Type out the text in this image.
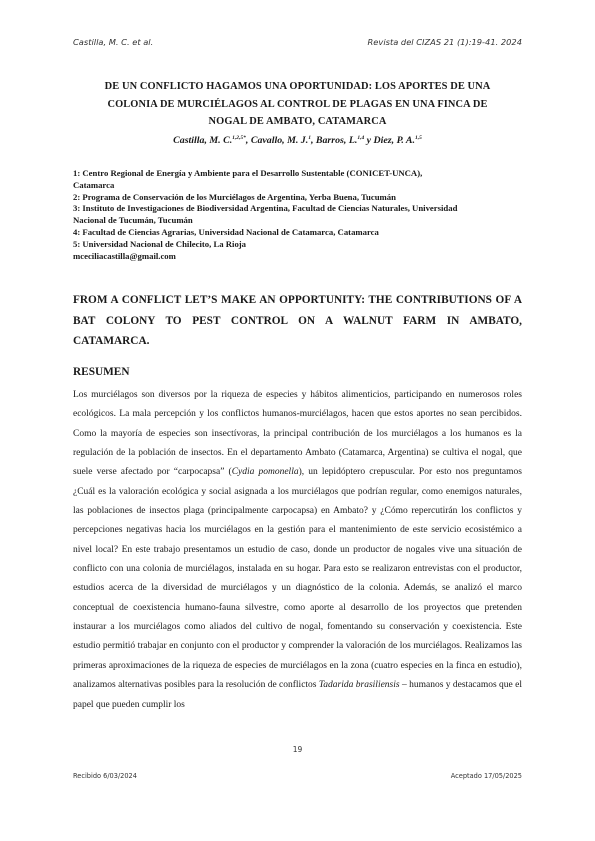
Castilla, M. C. et al.	Revista del CIZAS 21 (1):19-41. 2024
DE UN CONFLICTO HAGAMOS UNA OPORTUNIDAD: LOS APORTES DE UNA
COLONIA DE MURCIÉLAGOS AL CONTROL DE PLAGAS EN UNA FINCA DE
NOGAL DE AMBATO, CATAMARCA
Castilla, M. C.$^{1,2,5*}$, Cavallo, M. J.$^1$, Barros, L.$^{1,4}$ y Diez, P. A.$^{1,5}$
1: Centro Regional de Energía y Ambiente para el Desarrollo Sustentable (CONICET-UNCA),
Catamarca
2: Programa de Conservación de los Murciélagos de Argentina, Yerba Buena, Tucumán
3: Instituto de Investigaciones de Biodiversidad Argentina, Facultad de Ciencias Naturales, Universidad
Nacional de Tucumán, Tucumán
4: Facultad de Ciencias Agrarias, Universidad Nacional de Catamarca, Catamarca
5: Universidad Nacional de Chilecito, La Rioja
mceciliacastilla@gmail.com
FROM A CONFLICT LET’S MAKE AN OPPORTUNITY: THE CONTRIBUTIONS OF A BAT COLONY TO PEST CONTROL ON A WALNUT FARM IN AMBATO, CATAMARCA.
RESUMEN
Los murciélagos son diversos por la riqueza de especies y hábitos alimenticios, participando en numerosos roles ecológicos. La mala percepción y los conflictos humanos-murciélagos, hacen que estos aportes no sean percibidos. Como la mayoría de especies son insectívoras, la principal contribución de los murciélagos a los humanos es la regulación de la población de insectos. En el departamento Ambato (Catamarca, Argentina) se cultiva el nogal, que suele verse afectado por “carpocapsa” (Cydia pomonella), un lepidóptero crepuscular. Por esto nos preguntamos ¿Cuál es la valoración ecológica y social asignada a los murciélagos que podrían regular, como enemigos naturales, las poblaciones de insectos plaga (principalmente carpocapsa) en Ambato? y ¿Cómo repercutirán los conflictos y percepciones negativas hacia los murciélagos en la gestión para el mantenimiento de este servicio ecosistémico a nivel local? En este trabajo presentamos un estudio de caso, donde un productor de nogales vive una situación de conflicto con una colonia de murciélagos, instalada en su hogar. Para esto se realizaron entrevistas con el productor, estudios acerca de la diversidad de murciélagos y un diagnóstico de la colonia. Además, se analizó el marco conceptual de coexistencia humano-fauna silvestre, como aporte al desarrollo de los proyectos que pretenden instaurar a los murciélagos como aliados del cultivo de nogal, fomentando su conservación y coexistencia. Este estudio permitió trabajar en conjunto con el productor y comprender la valoración de los murciélagos. Realizamos las primeras aproximaciones de la riqueza de especies de murciélagos en la zona (cuatro especies en la finca en estudio), analizamos alternativas posibles para la resolución de conflictos Tadarida brasiliensis – humanos y destacamos que el papel que pueden cumplir los
19
Recibido 6/03/2024	Aceptado 17/05/2025
